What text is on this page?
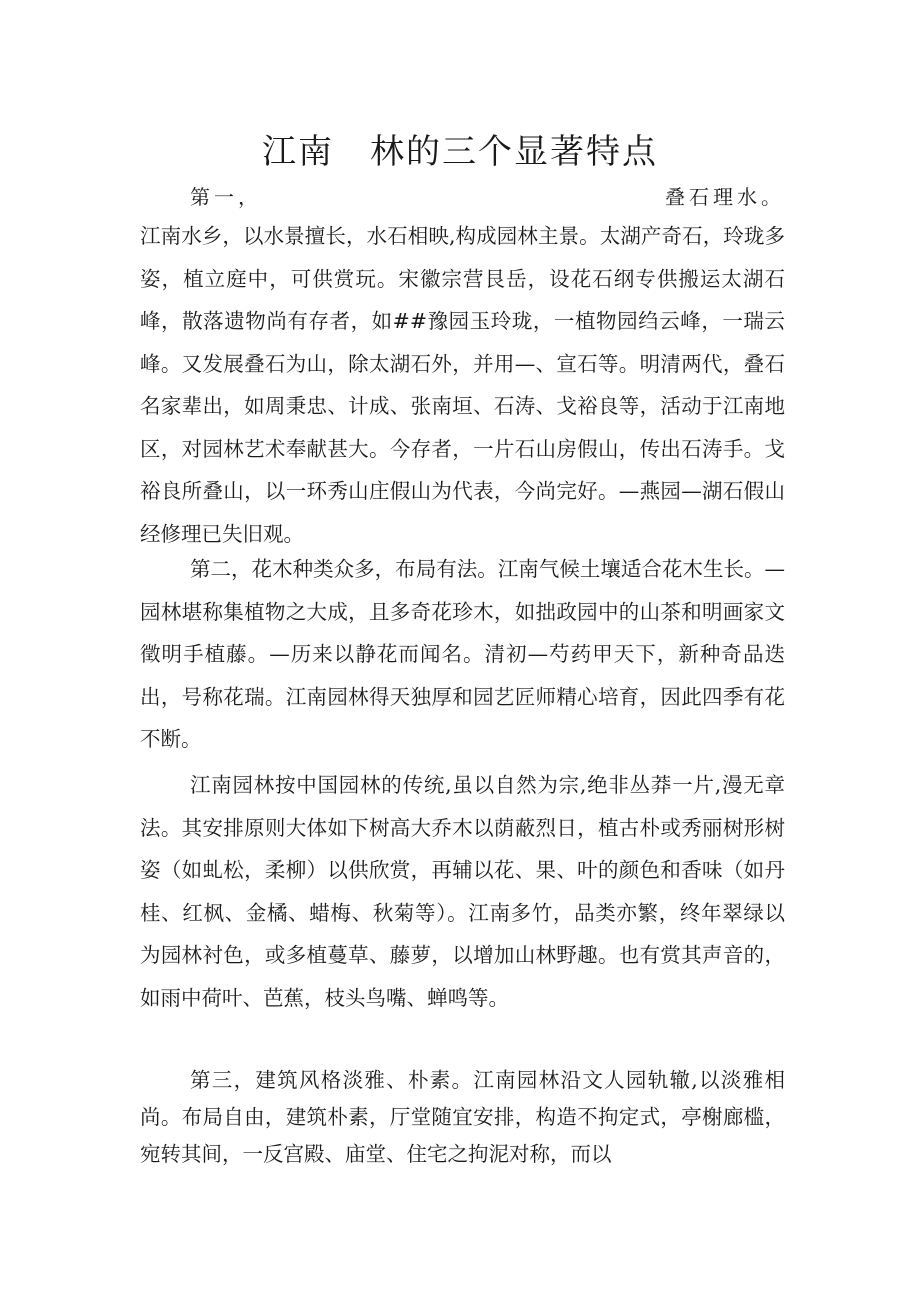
江南　林的三个显著特点
第一，	叠石理水。

江南水乡，以水景擅长，水石相映,构成园林主景。太湖产奇石，玲珑多姿，植立庭中，可供赏玩。宋徽宗营艮岳，设花石纲专供搬运太湖石峰，散落遗物尚有存者，如##豫园玉玲珑，一植物园绉云峰，一瑞云峰。又发展叠石为山，除太湖石外，并用—、宣石等。明清两代，叠石名家辈出，如周秉忠、计成、张南垣、石涛、戈裕良等，活动于江南地区，对园林艺术奉献甚大。今存者，一片石山房假山，传出石涛手。戈裕良所叠山，以一环秀山庄假山为代表，今尚完好。—燕园—湖石假山经修理已失旧观。

第二，花木种类众多，布局有法。江南气候土壤适合花木生长。—园林堪称集植物之大成，且多奇花珍木，如拙政园中的山茶和明画家文徵明手植藤。—历来以静花而闻名。清初—芍药甲天下，新种奇品迭出，号称花瑞。江南园林得天独厚和园艺匠师精心培育，因此四季有花不断。

江南园林按中国园林的传统,虽以自然为宗,绝非丛莽一片,漫无章法。其安排原则大体如下树高大乔木以荫蔽烈日，植古朴或秀丽树形树姿（如虬松，柔柳）以供欣赏，再辅以花、果、叶的颜色和香味（如丹桂、红枫、金橘、蜡梅、秋菊等）。江南多竹，品类亦繁，终年翠绿以为园林衬色，或多植蔓草、藤萝，以增加山林野趣。也有赏其声音的，如雨中荷叶、芭蕉，枝头鸟嘴、蝉鸣等。

第三，建筑风格淡雅、朴素。江南园林沿文人园轨辙,以淡雅相尚。布局自由，建筑朴素，厅堂随宜安排，构造不拘定式，亭榭廊槛，宛转其间，一反宫殿、庙堂、住宅之拘泥对称，而以
